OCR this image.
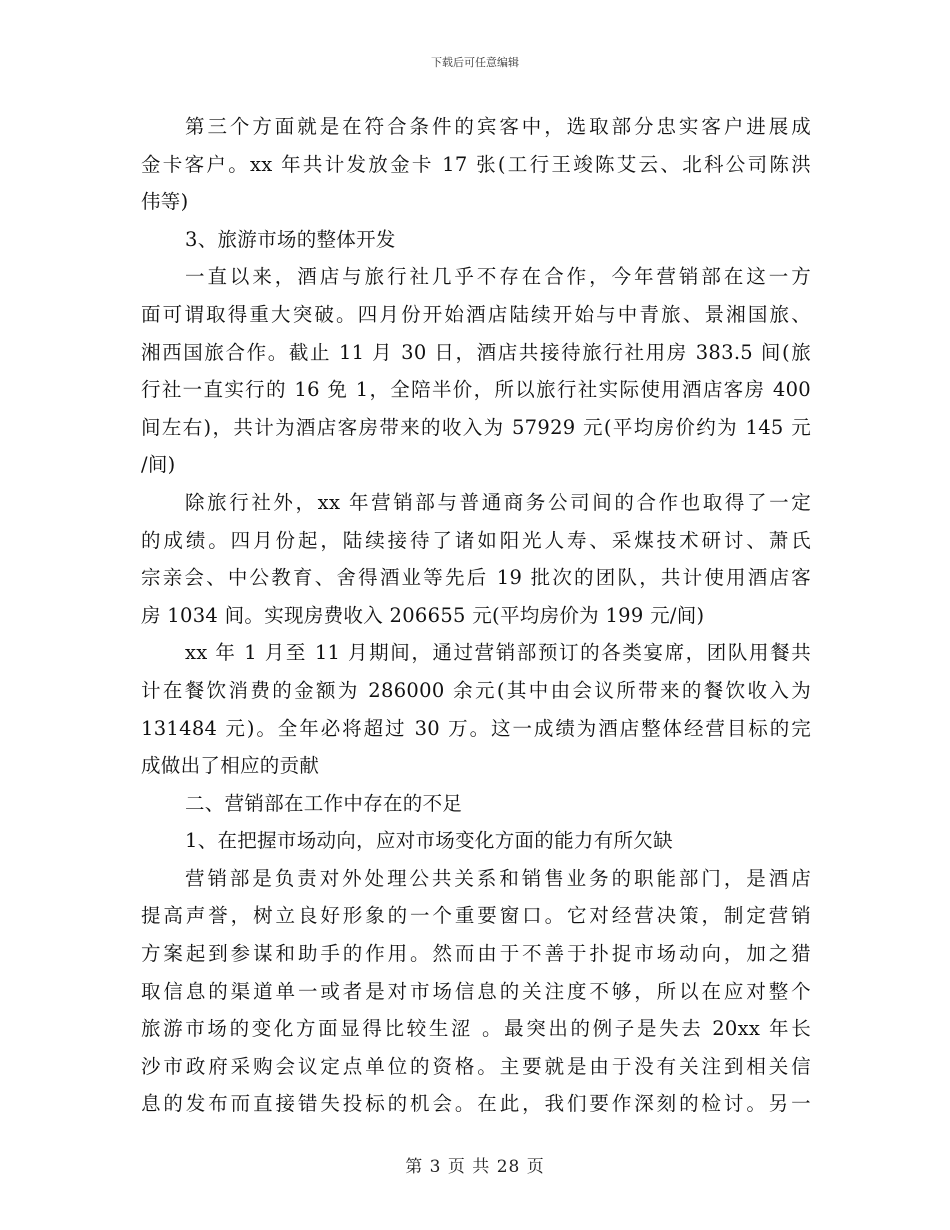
下载后可任意编辑
第三个方面就是在符合条件的宾客中，选取部分忠实客户进展成
金卡客户。xx 年共计发放金卡 17 张(工行王竣陈艾云、北科公司陈洪
伟等)
3、旅游市场的整体开发
一直以来，酒店与旅行社几乎不存在合作，今年营销部在这一方
面可谓取得重大突破。四月份开始酒店陆续开始与中青旅、景湘国旅、
湘西国旅合作。截止 11 月 30 日，酒店共接待旅行社用房 383.5 间(旅
行社一直实行的 16 免 1，全陪半价，所以旅行社实际使用酒店客房 400
间左右)，共计为酒店客房带来的收入为 57929 元(平均房价约为 145 元
/间)
除旅行社外，xx 年营销部与普通商务公司间的合作也取得了一定
的成绩。四月份起，陆续接待了诸如阳光人寿、采煤技术研讨、萧氏
宗亲会、中公教育、舍得酒业等先后 19 批次的团队，共计使用酒店客
房 1034 间。实现房费收入 206655 元(平均房价为 199 元/间)
xx 年 1 月至 11 月期间，通过营销部预订的各类宴席，团队用餐共
计在餐饮消费的金额为 286000 余元(其中由会议所带来的餐饮收入为
131484 元)。全年必将超过 30 万。这一成绩为酒店整体经营目标的完
成做出了相应的贡献
二、营销部在工作中存在的不足
1、在把握市场动向，应对市场变化方面的能力有所欠缺
营销部是负责对外处理公共关系和销售业务的职能部门，是酒店
提高声誉，树立良好形象的一个重要窗口。它对经营决策，制定营销
方案起到参谋和助手的作用。然而由于不善于扑捉市场动向，加之猎
取信息的渠道单一或者是对市场信息的关注度不够，所以在应对整个
旅游市场的变化方面显得比较生涩 。最突出的例子是失去 20xx 年长
沙市政府采购会议定点单位的资格。主要就是由于没有关注到相关信
息的发布而直接错失投标的机会。在此，我们要作深刻的检讨。另一
第 3 页 共 28 页
